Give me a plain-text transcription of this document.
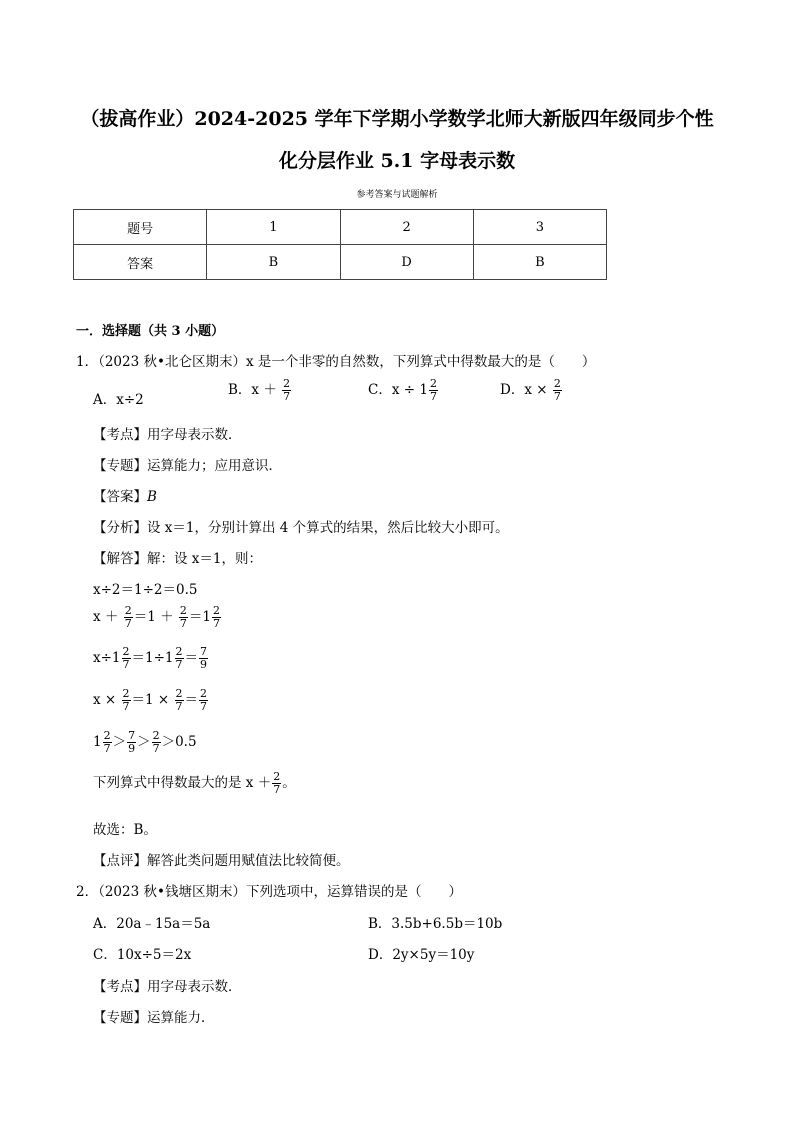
（拔高作业）2024-2025 学年下学期小学数学北师大新版四年级同步个性
化分层作业 5.1 字母表示数
参考答案与试题解析
题号	1	2	3
答案	B	D	B
一．选择题（共 3 小题）
1．（2023 秋•北仑区期末）x 是一个非零的自然数，下列算式中得数最大的是（　　）
A．x÷2
B．$x + \frac{2}{7}$	C．$x \div 1 \frac{2}{7}$	D．$x \times \frac{2}{7}$
【考点】用字母表示数．
【专题】运算能力；应用意识．
【答案】B
【分析】设 x＝1，分别计算出 4 个算式的结果，然后比较大小即可。
【解答】解：设 x＝1，则：
x÷2＝1÷2＝0.5
$x + \frac{2}{7} =1 + \frac{2}{7} =1 \frac{2}{7}$
$x\div 1 \frac{2}{7} =1\div 1 \frac{2}{7} = \frac{7}{9}$
$x \times \frac{2}{7} =1 \times \frac{2}{7} = \frac{2}{7}$
$1 \frac{2}{7} > \frac{7}{9} > \frac{2}{7} >0.5$
下列算式中得数最大的是 $x + \frac{2}{7}$ 。
故选：B。
【点评】解答此类问题用赋值法比较简便。
2．（2023 秋•钱塘区期末）下列选项中，运算错误的是（　　）
A．20a﹣15a＝5a	B．3.5b+6.5b＝10b
C．10x÷5＝2x	D．2y×5y＝10y
【考点】用字母表示数．
【专题】运算能力．
